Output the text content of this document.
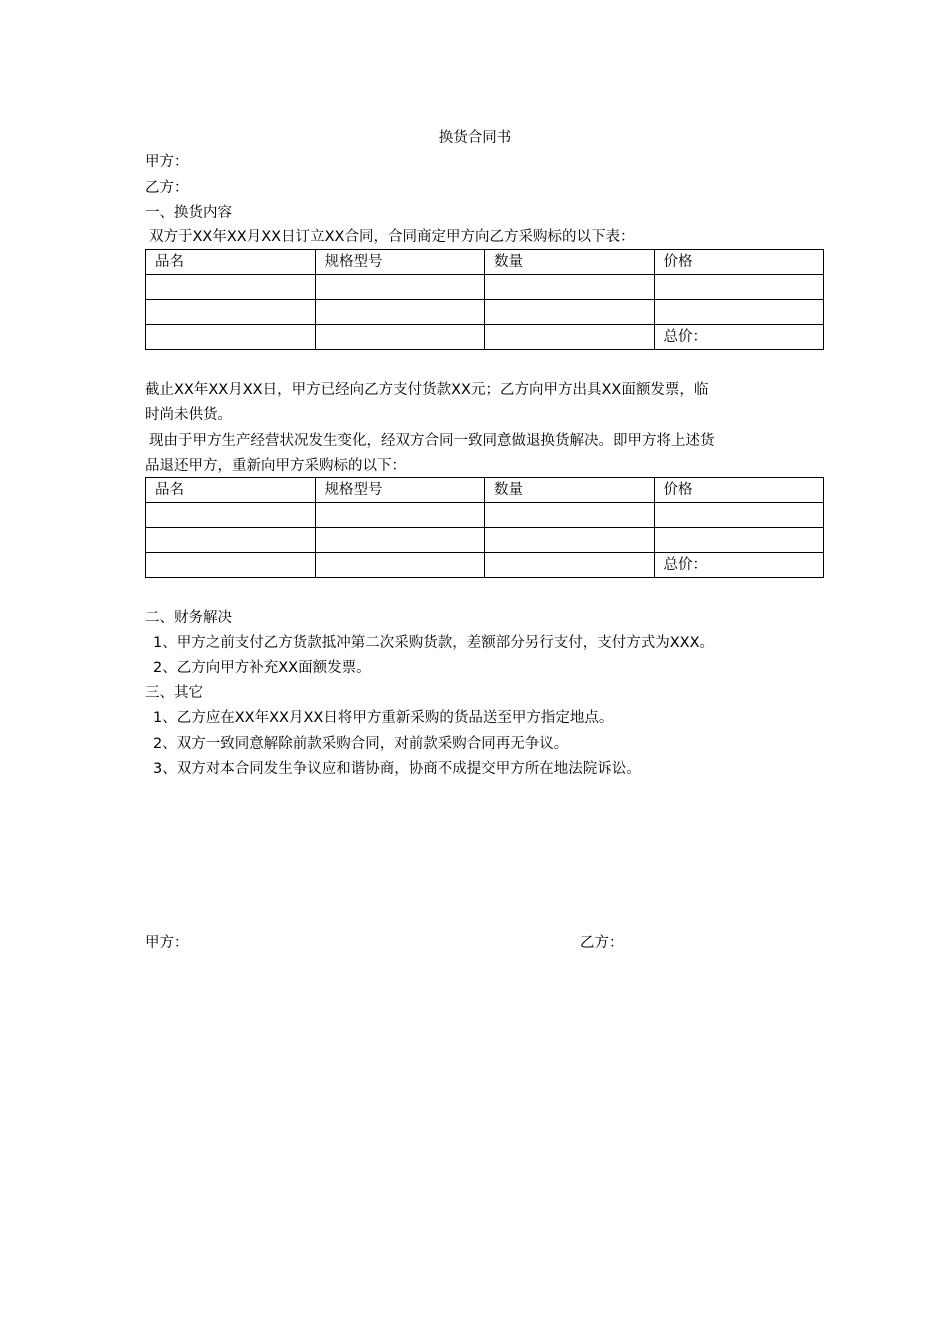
换货合同书
甲方：
乙方：
一、换货内容
双方于XX年XX月XX日订立XX合同，合同商定甲方向乙方采购标的以下表：
品名	规格型号	数量	价格

			总价：
截止XX年XX月XX日，甲方已经向乙方支付货款XX元；乙方向甲方出具XX面额发票，临
时尚未供货。
现由于甲方生产经营状况发生变化，经双方合同一致同意做退换货解决。即甲方将上述货
品退还甲方，重新向甲方采购标的以下：
品名	规格型号	数量	价格

			总价：
二、财务解决
1、甲方之前支付乙方货款抵冲第二次采购货款，差额部分另行支付，支付方式为XXX。
2、乙方向甲方补充XX面额发票。
三、其它
1、乙方应在XX年XX月XX日将甲方重新采购的货品送至甲方指定地点。
2、双方一致同意解除前款采购合同，对前款采购合同再无争议。
3、双方对本合同发生争议应和谐协商，协商不成提交甲方所在地法院诉讼。
甲方：	乙方：
